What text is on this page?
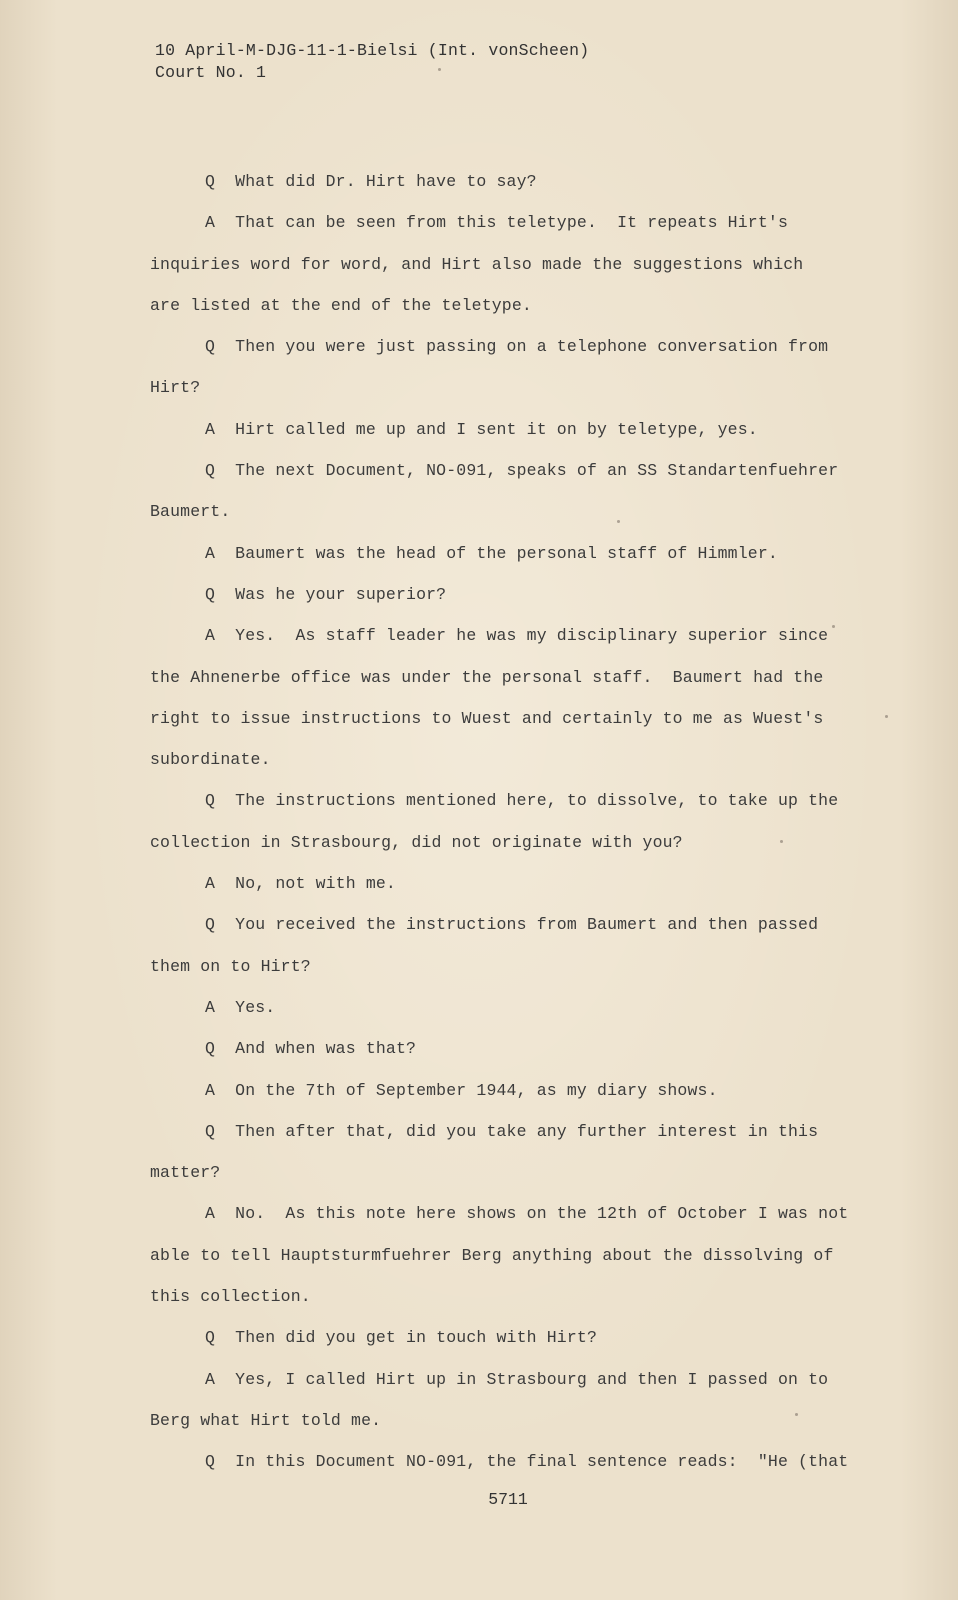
10 April-M-DJG-11-1-Bielsi (Int. vonScheen)
Court No. 1
Q  What did Dr. Hirt have to say?
A  That can be seen from this teletype.  It repeats Hirt's
inquiries word for word, and Hirt also made the suggestions which
are listed at the end of the teletype.
Q  Then you were just passing on a telephone conversation from
Hirt?
A  Hirt called me up and I sent it on by teletype, yes.
Q  The next Document, NO-091, speaks of an SS Standartenfuehrer
Baumert.
A  Baumert was the head of the personal staff of Himmler.
Q  Was he your superior?
A  Yes.  As staff leader he was my disciplinary superior since
the Ahnenerbe office was under the personal staff.  Baumert had the
right to issue instructions to Wuest and certainly to me as Wuest's
subordinate.
Q  The instructions mentioned here, to dissolve, to take up the
collection in Strasbourg, did not originate with you?
A  No, not with me.
Q  You received the instructions from Baumert and then passed
them on to Hirt?
A  Yes.
Q  And when was that?
A  On the 7th of September 1944, as my diary shows.
Q  Then after that, did you take any further interest in this
matter?
A  No.  As this note here shows on the 12th of October I was not
able to tell Hauptsturmfuehrer Berg anything about the dissolving of
this collection.
Q  Then did you get in touch with Hirt?
A  Yes, I called Hirt up in Strasbourg and then I passed on to
Berg what Hirt told me.
Q  In this Document NO-091, the final sentence reads:  "He (that
5711
